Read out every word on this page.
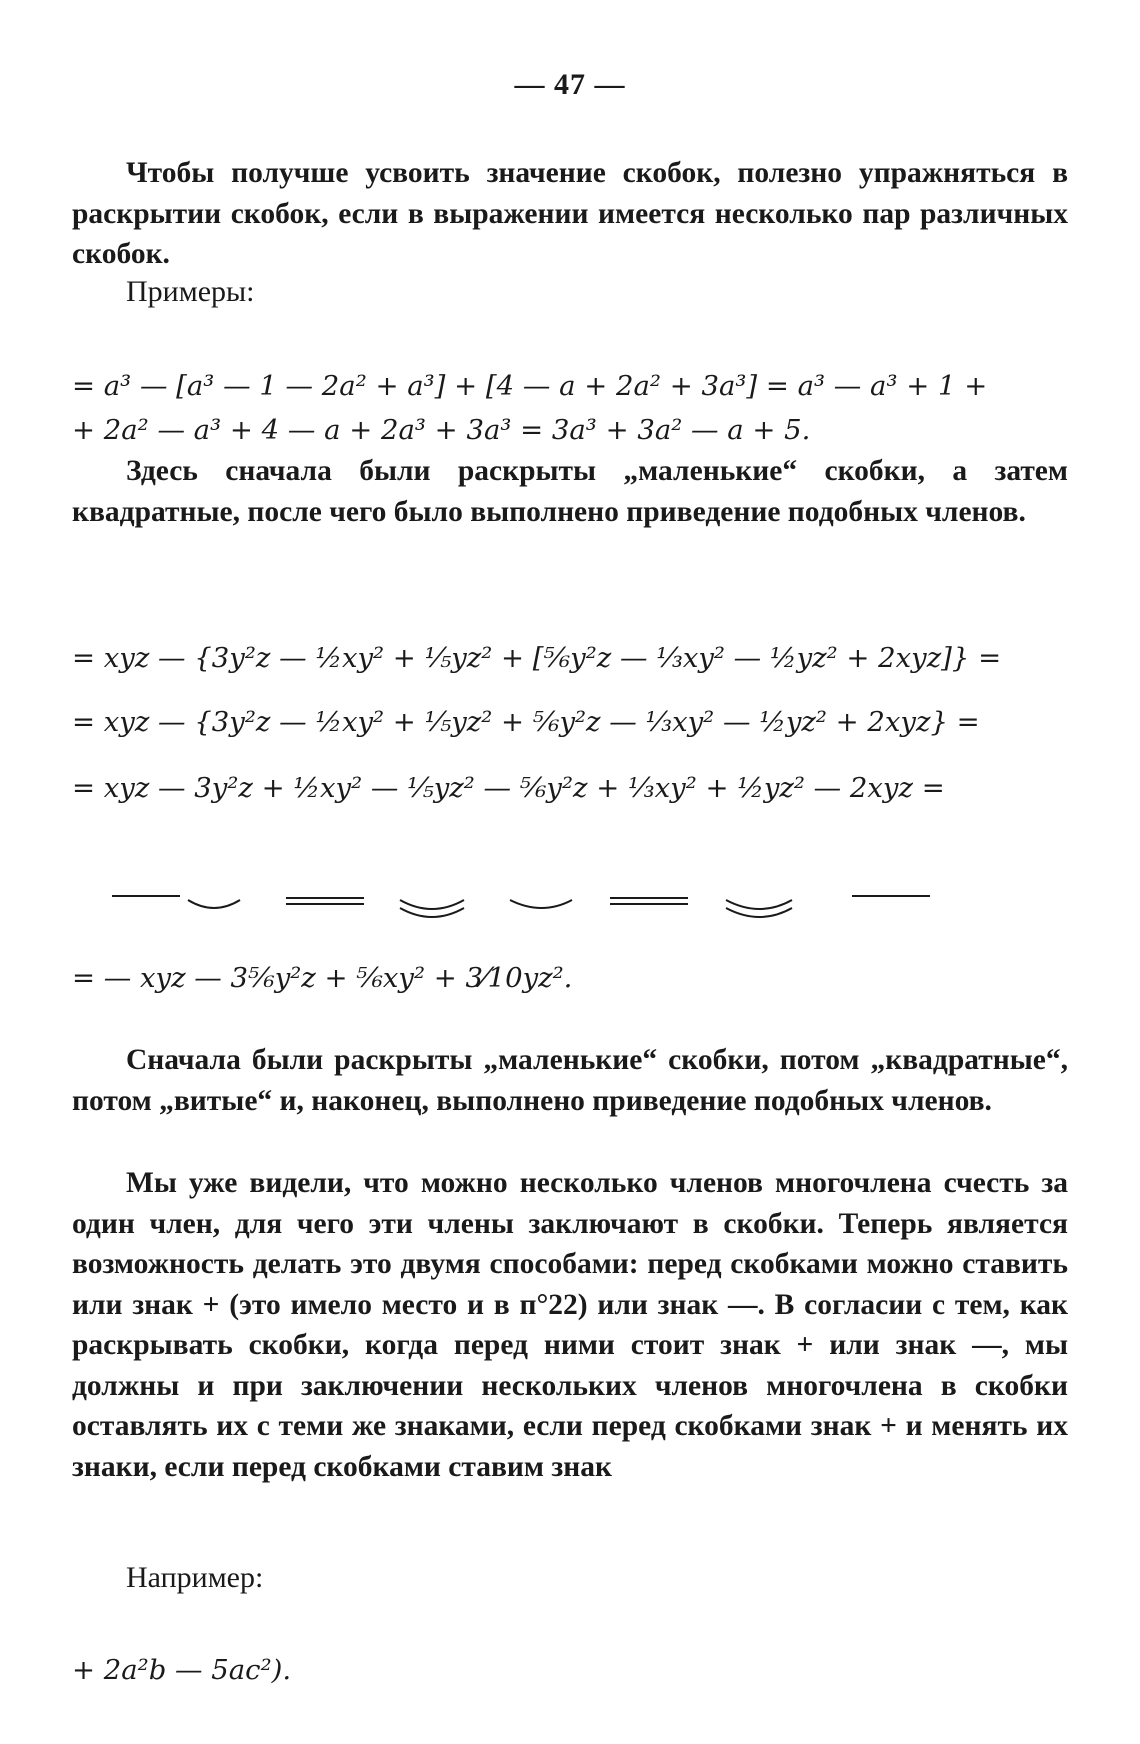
— 47 —
Чтобы получше усвоить значение скобок, полезно упражняться в раскрытии скобок, если в выражении имеется несколько пар различных скобок.
Примеры:
= a³ — [a³ — 1 — 2a² + a³] + [4 — a + 2a² + 3a³] = a³ — a³ + 1 +
+ 2a² — a³ + 4 — a + 2a³ + 3a³ = 3a³ + 3a² — a + 5.
Здесь сначала были раскрыты „маленькие“ скобки, а затем квадратные, после чего было выполнено приведение подобных членов.
= xyz — {3y²z — ½xy² + ⅕yz² + [⅚y²z — ⅓xy² — ½yz² + 2xyz]} =
= xyz — {3y²z — ½xy² + ⅕yz² + ⅚y²z — ⅓xy² — ½yz² + 2xyz} =
= xyz — 3y²z + ½xy² — ⅕yz² — ⅚y²z + ⅓xy² + ½yz² — 2xyz =
= — xyz — 3⅚y²z + ⅚xy² + 3⁄10yz².
Сначала были раскрыты „маленькие“ скобки, потом „квадратные“, потом „витые“ и, наконец, выполнено приведение подобных членов.
Мы уже видели, что можно несколько членов многочлена счесть за один член, для чего эти члены заключают в скобки. Теперь является возможность делать это двумя способами: перед скобками можно ставить или знак + (это имело место и в п°22) или знак —. В согласии с тем, как раскрывать скобки, когда перед ними стоит знак + или знак —, мы должны и при заключении нескольких членов многочлена в скобки оставлять их с теми же знаками, если перед скобками знак + и менять их знаки, если перед скобками ставим знак
Например:
+ 2a²b — 5ac²).
